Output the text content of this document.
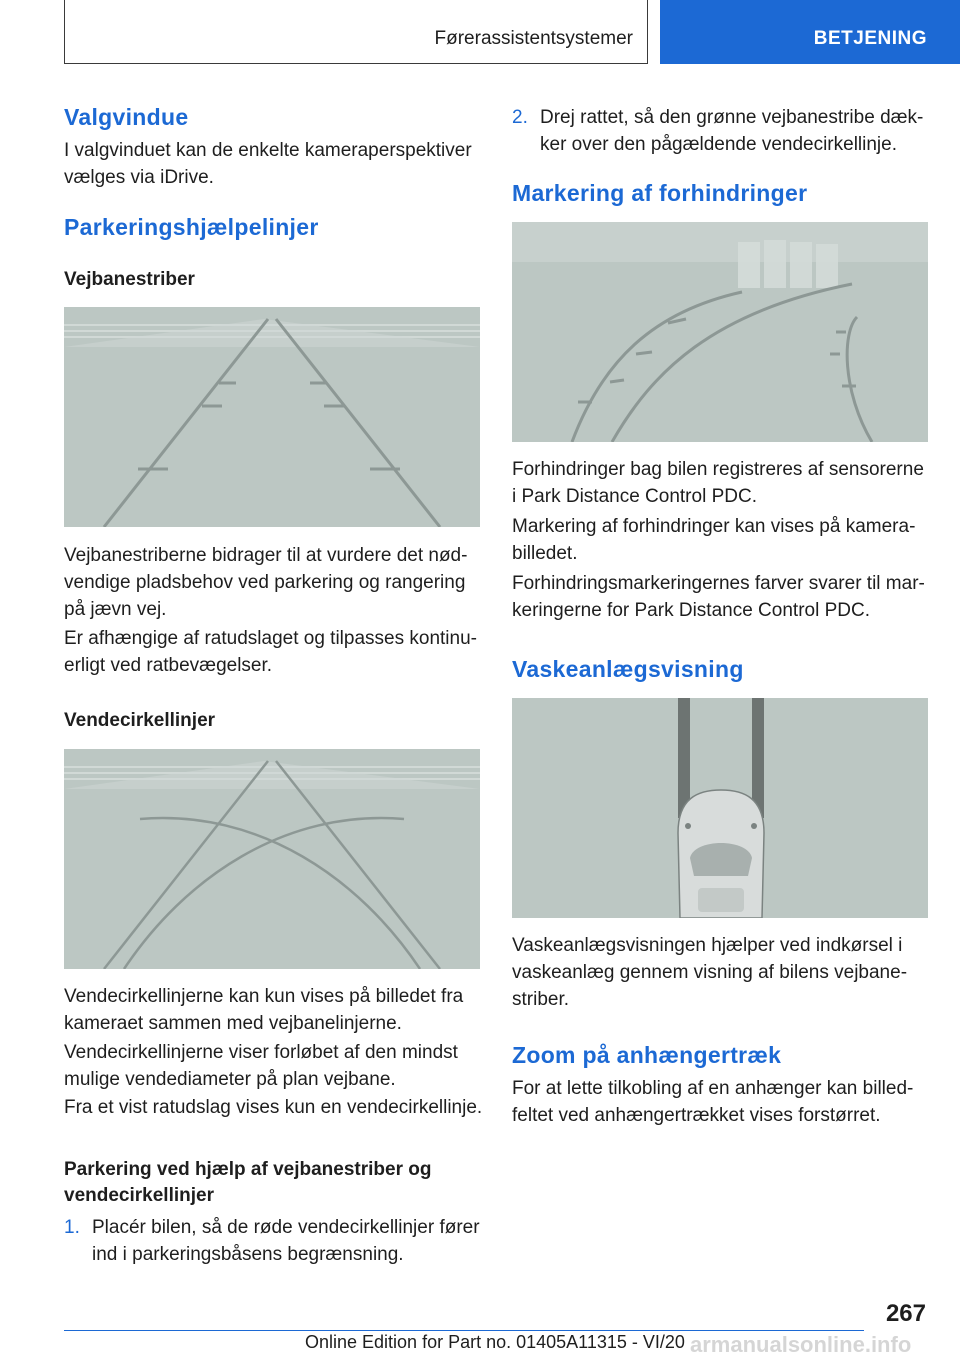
Førerassistentsystemer	BETJENING
Valgvindue

I valgvinduet kan de enkelte kameraperspektiver
vælges via iDrive.

Parkeringshjælpelinjer
Vejbanestriber

Vejbanestriberne bidrager til at vurdere det nød-
vendige pladsbehov ved parkering og rangering
på jævn vej.

Er afhængige af ratudslaget og tilpasses kontinu-
erligt ved ratbevægelser.

Vendecirkellinjer

Vendecirkellinjerne kan kun vises på billedet fra
kameraet sammen med vejbanelinjerne.

Vendecirkellinjerne viser forløbet af den mindst
mulige vendediameter på plan vejbane.

Fra et vist ratudslag vises kun en vendecirkellinje.

Parkering ved hjælp af vejbanestriber og
vendecirkellinjer
1. Placér bilen, så de røde vendecirkellinjer fører
ind i parkeringsbåsens begrænsning.
2. Drej rattet, så den grønne vejbanestribe dæk-
ker over den pågældende vendecirkellinje.
Markering af forhindringer

Forhindringer bag bilen registreres af sensorerne
i Park Distance Control PDC.

Markering af forhindringer kan vises på kamera-
billedet.

Forhindringsmarkeringernes farver svarer til mar-
keringerne for Park Distance Control PDC.

Vaskeanlægsvisning

Vaskeanlægsvisningen hjælper ved indkørsel i
vaskeanlæg gennem visning af bilens vejbane-
striber.

Zoom på anhængertræk

For at lette tilkobling af en anhænger kan billed-
feltet ved anhængertrækket vises forstørret.

267
Online Edition for Part no. 01405A11315 - VI/20 armanualsonline.info
